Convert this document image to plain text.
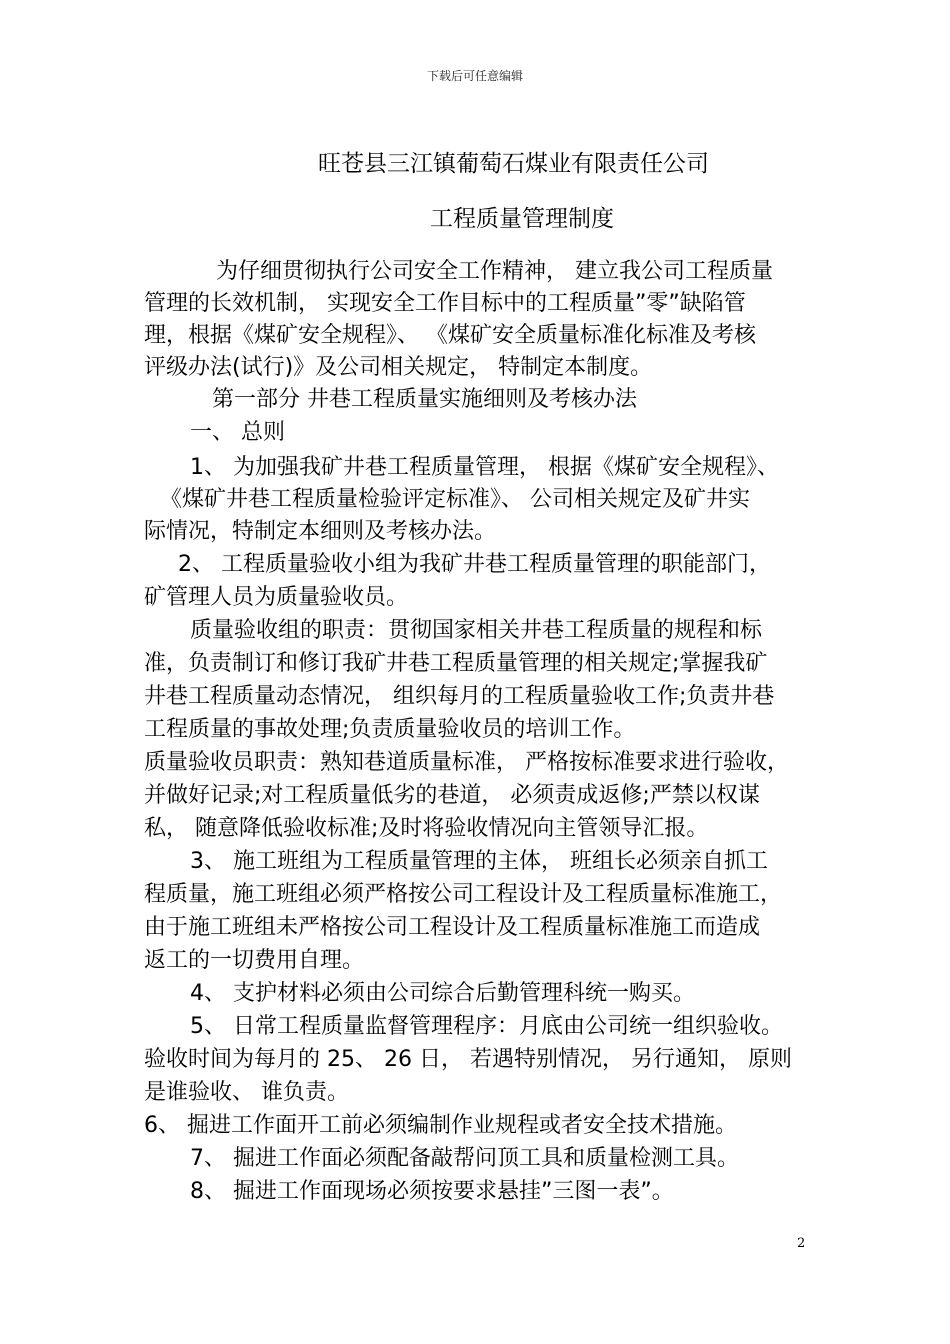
下载后可任意编辑
旺苍县三江镇葡萄石煤业有限责任公司
工程质量管理制度
为仔细贯彻执行公司安全工作精神， 建立我公司工程质量
管理的长效机制， 实现安全工作目标中的工程质量”零”缺陷管
理，根据《煤矿安全规程》、 《煤矿安全质量标准化标准及考核
评级办法(试行)》及公司相关规定， 特制定本制度。
第一部分 井巷工程质量实施细则及考核办法
一、 总则
1、 为加强我矿井巷工程质量管理， 根据《煤矿安全规程》、
《煤矿井巷工程质量检验评定标准》、 公司相关规定及矿井实
际情况，特制定本细则及考核办法。
2、 工程质量验收小组为我矿井巷工程质量管理的职能部门，
矿管理人员为质量验收员。
质量验收组的职责：贯彻国家相关井巷工程质量的规程和标
准，负责制订和修订我矿井巷工程质量管理的相关规定;掌握我矿
井巷工程质量动态情况， 组织每月的工程质量验收工作;负责井巷
工程质量的事故处理;负责质量验收员的培训工作。
质量验收员职责：熟知巷道质量标准， 严格按标准要求进行验收，
并做好记录;对工程质量低劣的巷道， 必须责成返修;严禁以权谋
私， 随意降低验收标准;及时将验收情况向主管领导汇报。
3、 施工班组为工程质量管理的主体， 班组长必须亲自抓工
程质量，施工班组必须严格按公司工程设计及工程质量标准施工，
由于施工班组未严格按公司工程设计及工程质量标准施工而造成
返工的一切费用自理。
4、 支护材料必须由公司综合后勤管理科统一购买。
5、 日常工程质量监督管理程序：月底由公司统一组织验收。
验收时间为每月的 25、 26 日， 若遇特别情况， 另行通知， 原则
是谁验收、 谁负责。
6、 掘进工作面开工前必须编制作业规程或者安全技术措施。
7、 掘进工作面必须配备敲帮问顶工具和质量检测工具。
8、 掘进工作面现场必须按要求悬挂”三图一表”。
2
